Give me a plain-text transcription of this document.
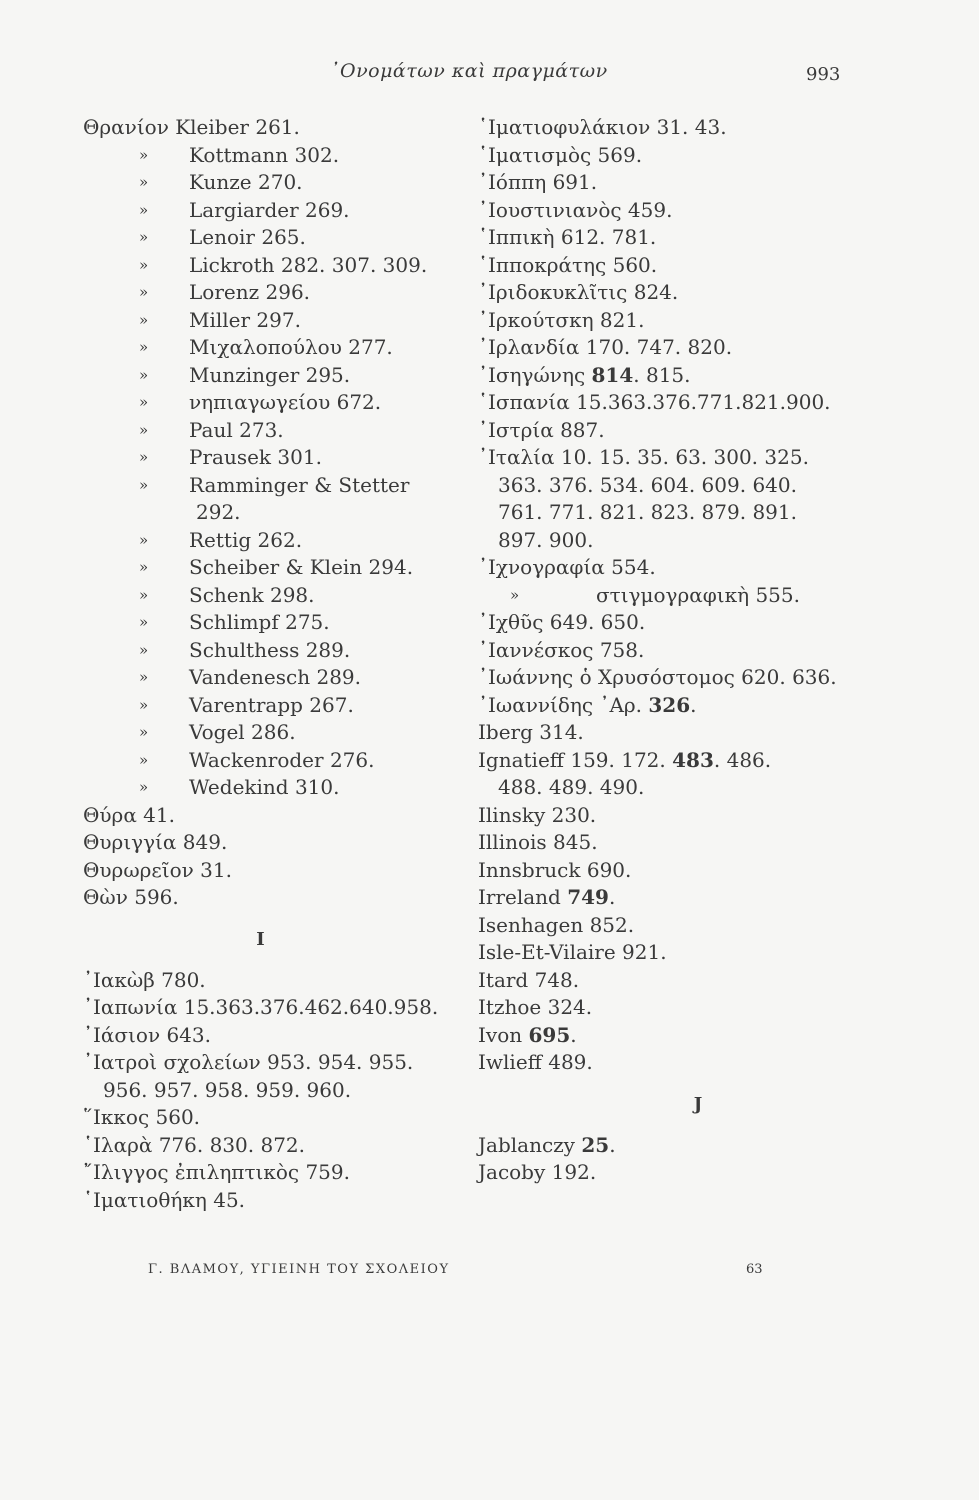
᾿Ονομάτων καὶ πραγμάτων	993
Θρανίον Kleiber 261.
» Kottmann 302.
» Kunze 270.
» Largiarder 269.
» Lenoir 265.
» Lickroth 282. 307. 309.
» Lorenz 296.
» Miller 297.
» Μιχαλοπούλου 277.
» Munzinger 295.
» νηπιαγωγείου 672.
» Paul 273.
» Prausek 301.
» Ramminger & Stetter
292.
» Rettig 262.
» Scheiber & Klein 294.
» Schenk 298.
» Schlimpf 275.
» Schulthess 289.
» Vandenesch 289.
» Varentrapp 267.
» Vogel 286.
» Wackenroder 276.
» Wedekind 310.
Θύρα 41.
Θυριγγία 849.
Θυρωρεῖον 31.
Θὼν 596.
I
᾿Ιακὼβ 780.
᾿Ιαπωνία 15.363.376.462.640.958.
᾿Ιάσιον 643.
᾿Ιατροὶ σχολείων 953. 954. 955.
956. 957. 958. 959. 960.
῞Ικκος 560.
῾Ιλαρὰ 776. 830. 872.
῎Ιλιγγος ἐπιληπτικὸς 759.
῾Ιματιοθήκη 45.
῾Ιματιοφυλάκιον 31. 43.
῾Ιματισμὸς 569.
᾿Ιόππη 691.
᾿Ιουστινιανὸς 459.
῾Ιππικὴ 612. 781.
῾Ιπποκράτης 560.
᾿Ιριδοκυκλῖτις 824.
᾿Ιρκούτσκη 821.
᾿Ιρλανδία 170. 747. 820.
᾿Ισηγώνης 814. 815.
῾Ισπανία 15.363.376.771.821.900.
᾿Ιστρία 887.
᾿Ιταλία 10. 15. 35. 63. 300. 325.
363. 376. 534. 604. 609. 640.
761. 771. 821. 823. 879. 891.
897. 900.
᾿Ιχνογραφία 554.
»	στιγμογραφικὴ 555.
᾿Ιχθῦς 649. 650.
᾿Ιαννέσκος 758.
᾿Ιωάννης ὁ Χρυσόστομος 620. 636.
᾿Ιωαννίδης ᾿Αρ. 326.
Iberg 314.
Ignatieff 159. 172. 483. 486.
488. 489. 490.
Ilinsky 230.
Illinois 845.
Innsbruck 690.
Irreland 749.
Isenhagen 852.
Isle-Et-Vilaire 921.
Itard 748.
Itzhoe 324.
Ivon 695.
Iwlieff 489.
J
Jablanczy 25.
Jacoby 192.
Γ. ΒΛΑΜΟΥ, ΥΓΙΕΙΝΗ ΤΟΥ ΣΧΟΛΕΙΟΥ	63
